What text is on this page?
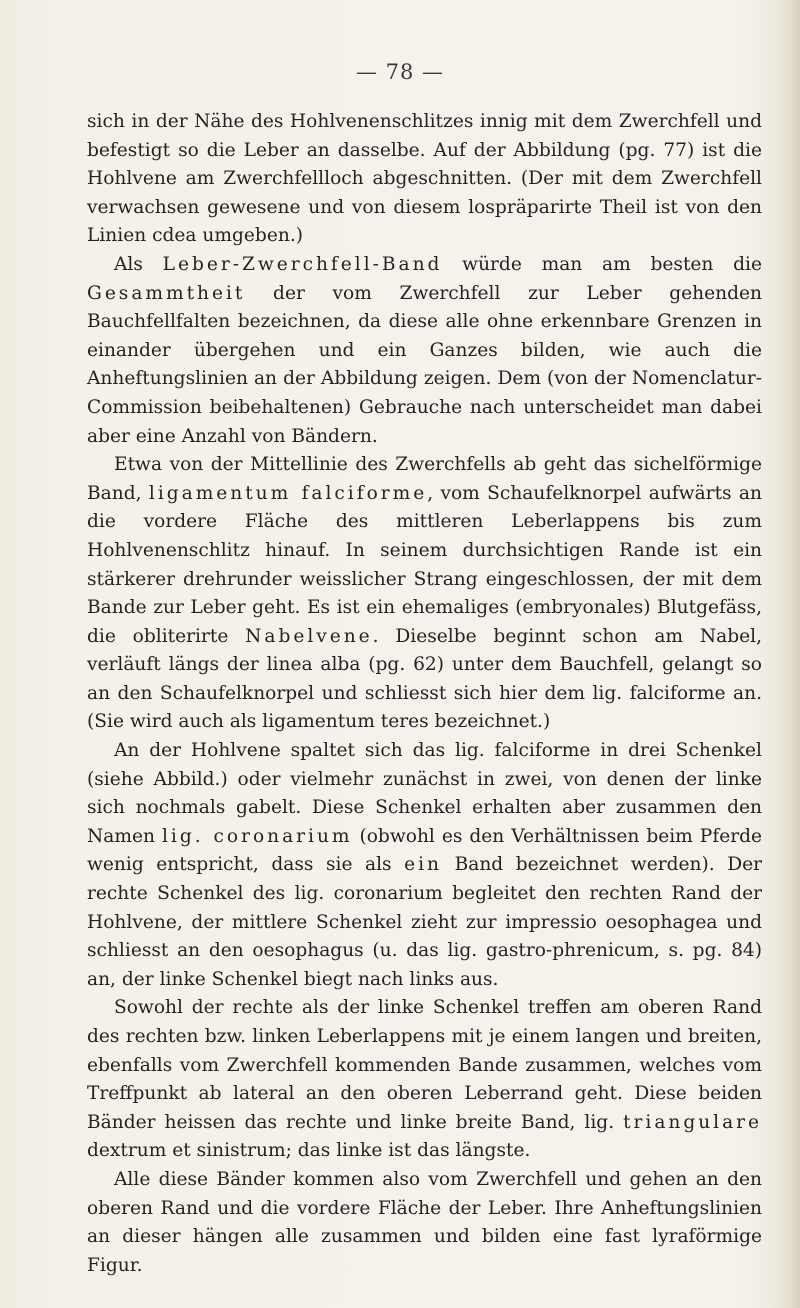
— 78 —

sich in der Nähe des Hohlvenenschlitzes innig mit dem Zwerchfell und befestigt so die Leber an dasselbe. Auf der Abbildung (pg. 77) ist die Hohlvene am Zwerchfellloch abgeschnitten. (Der mit dem Zwerchfell verwachsen gewesene und von diesem lospräparirte Theil ist von den Linien cdea umgeben.)

Als Leber-Zwerchfell-Band würde man am besten die Gesammtheit der vom Zwerchfell zur Leber gehenden Bauchfellfalten bezeichnen, da diese alle ohne erkennbare Grenzen in einander übergehen und ein Ganzes bilden, wie auch die Anheftungslinien an der Abbildung zeigen. Dem (von der Nomenclatur-Commission beibehaltenen) Gebrauche nach unterscheidet man dabei aber eine Anzahl von Bändern.

Etwa von der Mittellinie des Zwerchfells ab geht das sichelförmige Band, ligamentum falciforme, vom Schaufelknorpel aufwärts an die vordere Fläche des mittleren Leberlappens bis zum Hohlvenenschlitz hinauf. In seinem durchsichtigen Rande ist ein stärkerer drehrunder weisslicher Strang eingeschlossen, der mit dem Bande zur Leber geht. Es ist ein ehemaliges (embryonales) Blutgefäss, die obliterirte Nabelvene. Dieselbe beginnt schon am Nabel, verläuft längs der linea alba (pg. 62) unter dem Bauchfell, gelangt so an den Schaufelknorpel und schliesst sich hier dem lig. falciforme an. (Sie wird auch als ligamentum teres bezeichnet.)

An der Hohlvene spaltet sich das lig. falciforme in drei Schenkel (siehe Abbild.) oder vielmehr zunächst in zwei, von denen der linke sich nochmals gabelt. Diese Schenkel erhalten aber zusammen den Namen lig. coronarium (obwohl es den Verhältnissen beim Pferde wenig entspricht, dass sie als ein Band bezeichnet werden). Der rechte Schenkel des lig. coronarium begleitet den rechten Rand der Hohlvene, der mittlere Schenkel zieht zur impressio oesophagea und schliesst an den oesophagus (u. das lig. gastro-phrenicum, s. pg. 84) an, der linke Schenkel biegt nach links aus.

Sowohl der rechte als der linke Schenkel treffen am oberen Rand des rechten bzw. linken Leberlappens mit je einem langen und breiten, ebenfalls vom Zwerchfell kommenden Bande zusammen, welches vom Treffpunkt ab lateral an den oberen Leberrand geht. Diese beiden Bänder heissen das rechte und linke breite Band, lig. triangulare dextrum et sinistrum; das linke ist das längste.

Alle diese Bänder kommen also vom Zwerchfell und gehen an den oberen Rand und die vordere Fläche der Leber. Ihre Anheftungslinien an dieser hängen alle zusammen und bilden eine fast lyraförmige Figur.
